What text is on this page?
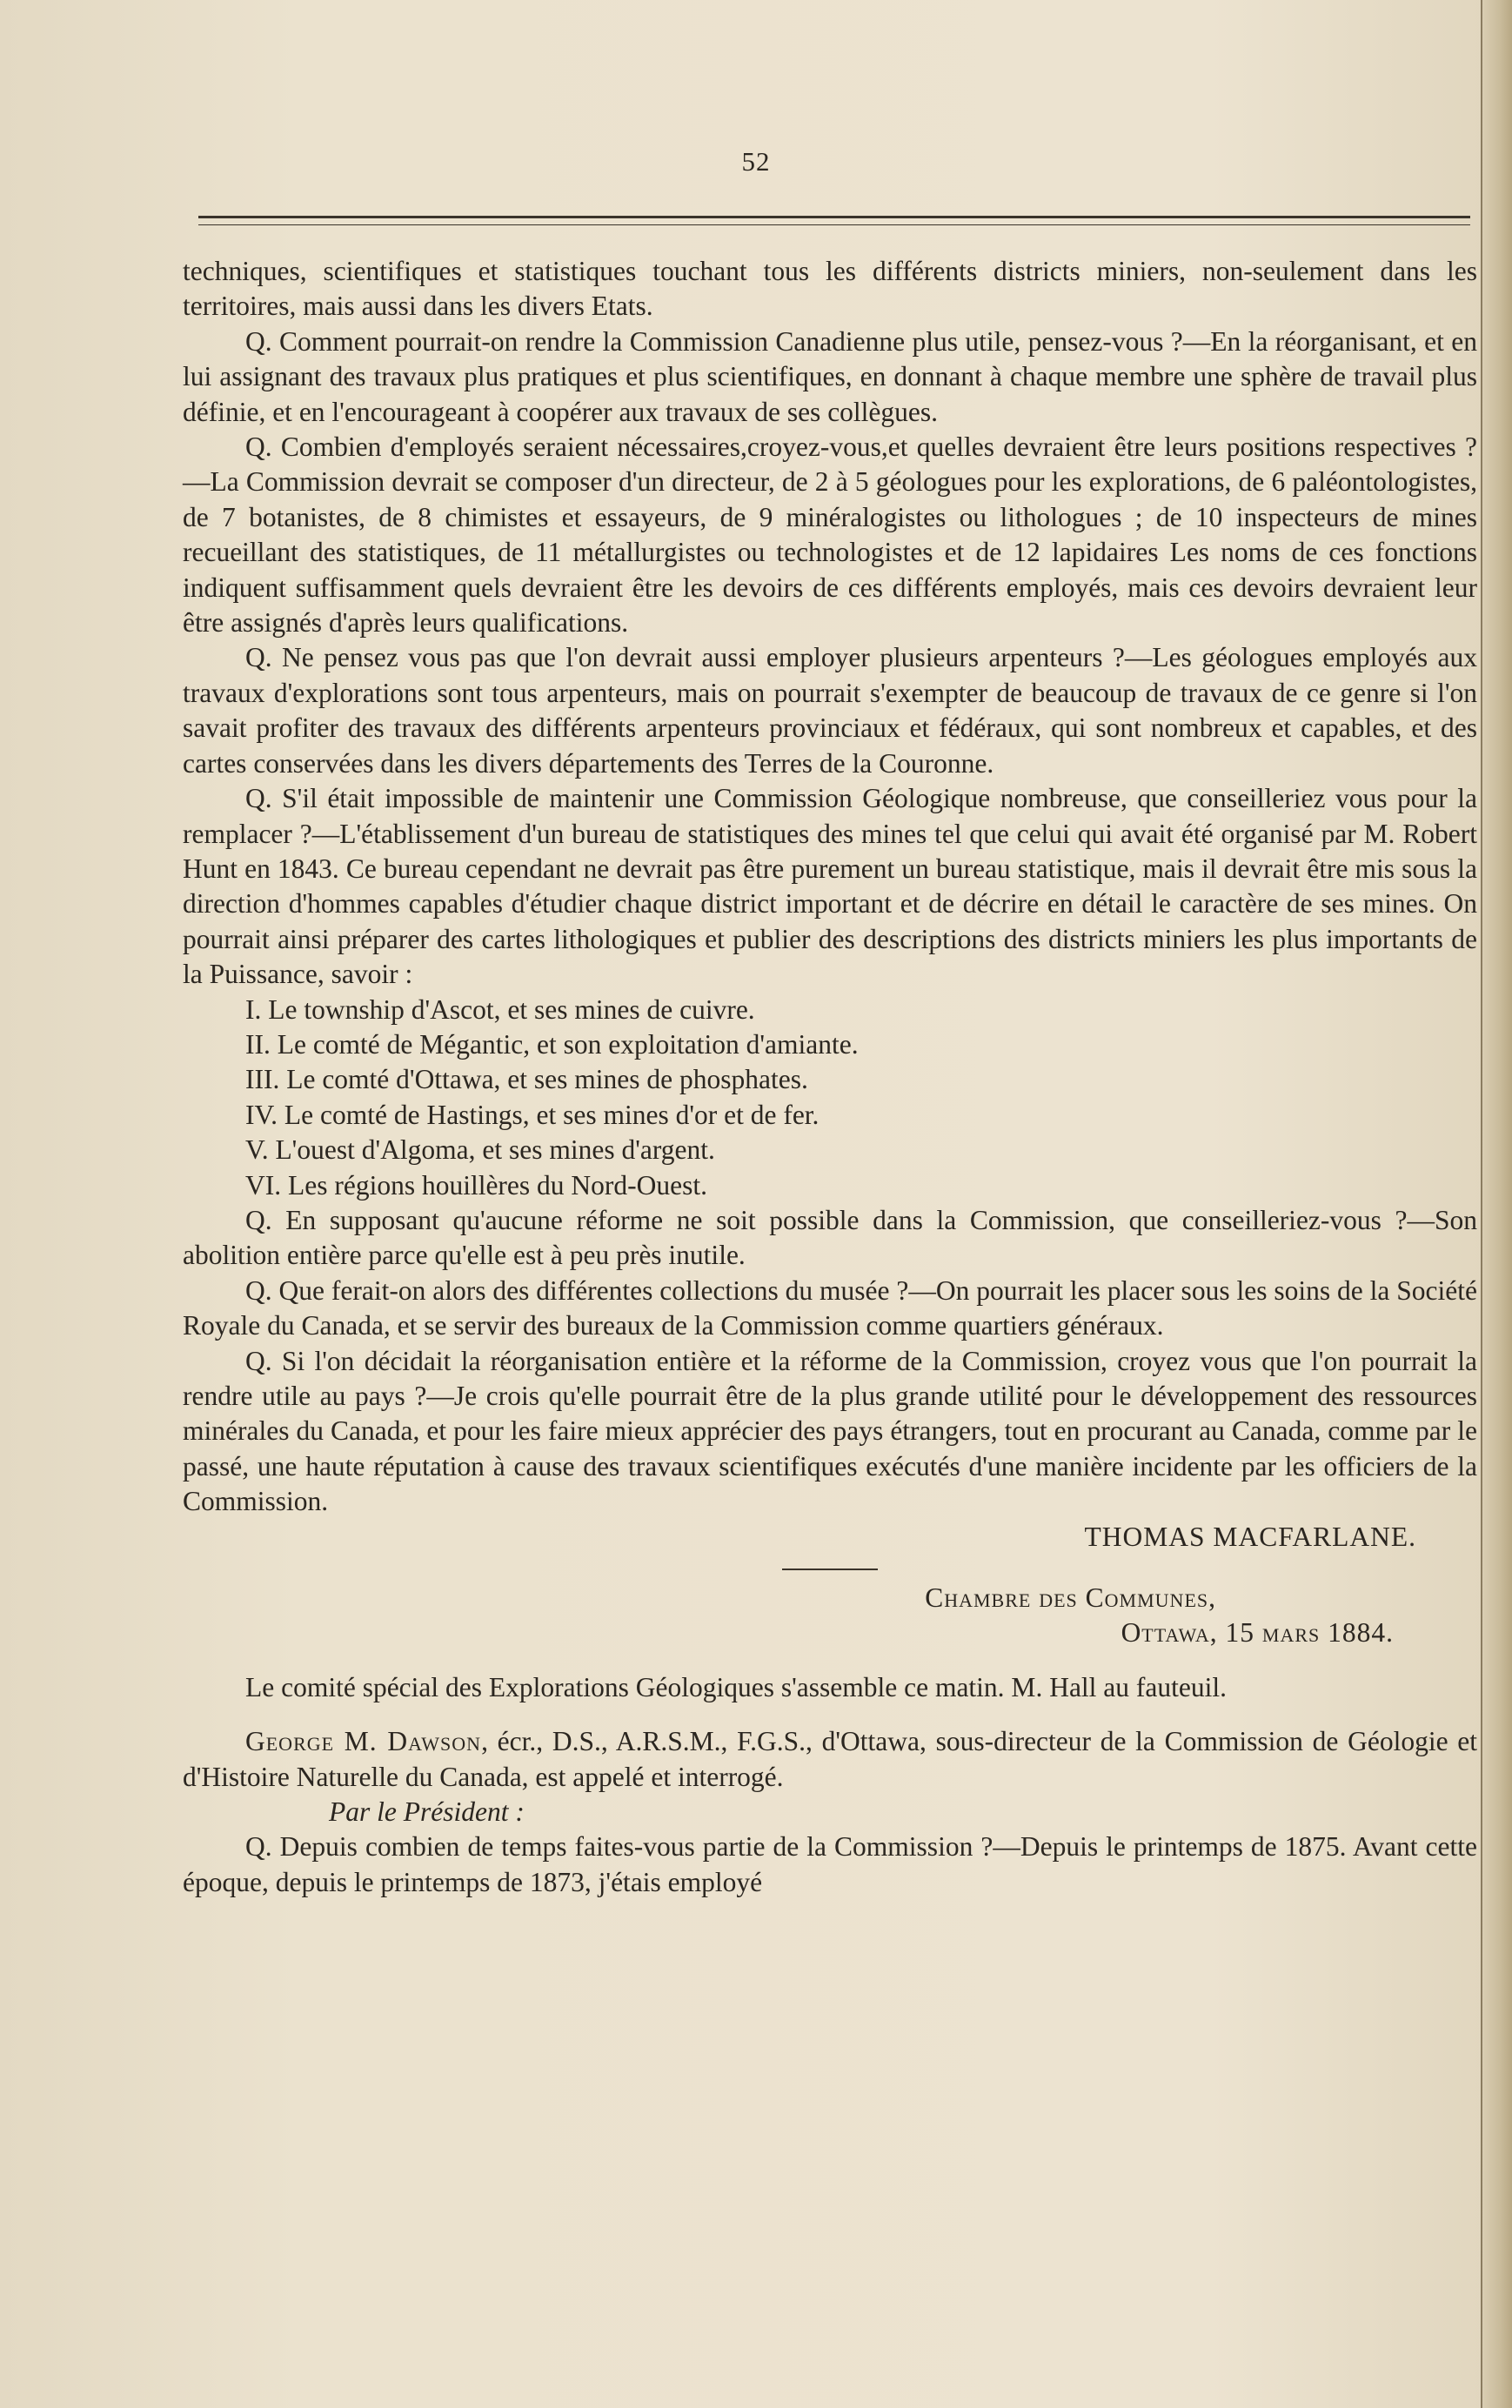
52

techniques, scientifiques et statistiques touchant tous les différents districts miniers, non-seulement dans les territoires, mais aussi dans les divers Etats.

Q. Comment pourrait-on rendre la Commission Canadienne plus utile, pensez-vous ?—En la réorganisant, et en lui assignant des travaux plus pratiques et plus scientifiques, en donnant à chaque membre une sphère de travail plus définie, et en l'encourageant à coopérer aux travaux de ses collègues.

Q. Combien d'employés seraient nécessaires,croyez-vous,et quelles devraient être leurs positions respectives ?—La Commission devrait se composer d'un directeur, de 2 à 5 géologues pour les explorations, de 6 paléontologistes, de 7 botanistes, de 8 chimistes et essayeurs, de 9 minéralogistes ou lithologues ; de 10 inspecteurs de mines recueillant des statistiques, de 11 métallurgistes ou technologistes et de 12 lapidaires Les noms de ces fonctions indiquent suffisamment quels devraient être les devoirs de ces différents employés, mais ces devoirs devraient leur être assignés d'après leurs qualifications.

Q. Ne pensez vous pas que l'on devrait aussi employer plusieurs arpenteurs ?—Les géologues employés aux travaux d'explorations sont tous arpenteurs, mais on pourrait s'exempter de beaucoup de travaux de ce genre si l'on savait profiter des travaux des différents arpenteurs provinciaux et fédéraux, qui sont nombreux et capables, et des cartes conservées dans les divers départements des Terres de la Couronne.

Q. S'il était impossible de maintenir une Commission Géologique nombreuse, que conseilleriez vous pour la remplacer ?—L'établissement d'un bureau de statistiques des mines tel que celui qui avait été organisé par M. Robert Hunt en 1843. Ce bureau cependant ne devrait pas être purement un bureau statistique, mais il devrait être mis sous la direction d'hommes capables d'étudier chaque district important et de décrire en détail le caractère de ses mines. On pourrait ainsi préparer des cartes lithologiques et publier des descriptions des districts miniers les plus importants de la Puissance, savoir :

I. Le township d'Ascot, et ses mines de cuivre.

II. Le comté de Mégantic, et son exploitation d'amiante.

III. Le comté d'Ottawa, et ses mines de phosphates.

IV. Le comté de Hastings, et ses mines d'or et de fer.

V. L'ouest d'Algoma, et ses mines d'argent.

VI. Les régions houillères du Nord-Ouest.

Q. En supposant qu'aucune réforme ne soit possible dans la Commission, que conseilleriez-vous ?—Son abolition entière parce qu'elle est à peu près inutile.

Q. Que ferait-on alors des différentes collections du musée ?—On pourrait les placer sous les soins de la Société Royale du Canada, et se servir des bureaux de la Commission comme quartiers généraux.

Q. Si l'on décidait la réorganisation entière et la réforme de la Commission, croyez vous que l'on pourrait la rendre utile au pays ?—Je crois qu'elle pourrait être de la plus grande utilité pour le développement des ressources minérales du Canada, et pour les faire mieux apprécier des pays étrangers, tout en procurant au Canada, comme par le passé, une haute réputation à cause des travaux scientifiques exécutés d'une manière incidente par les officiers de la Commission.

THOMAS MACFARLANE.

Chambre des Communes,

Ottawa, 15 mars 1884.

Le comité spécial des Explorations Géologiques s'assemble ce matin. M. Hall au fauteuil.

George M. Dawson, écr., D.S., A.R.S.M., F.G.S., d'Ottawa, sous-directeur de la Commission de Géologie et d'Histoire Naturelle du Canada, est appelé et interrogé.

Par le Président :

Q. Depuis combien de temps faites-vous partie de la Commission ?—Depuis le printemps de 1875. Avant cette époque, depuis le printemps de 1873, j'étais employé
